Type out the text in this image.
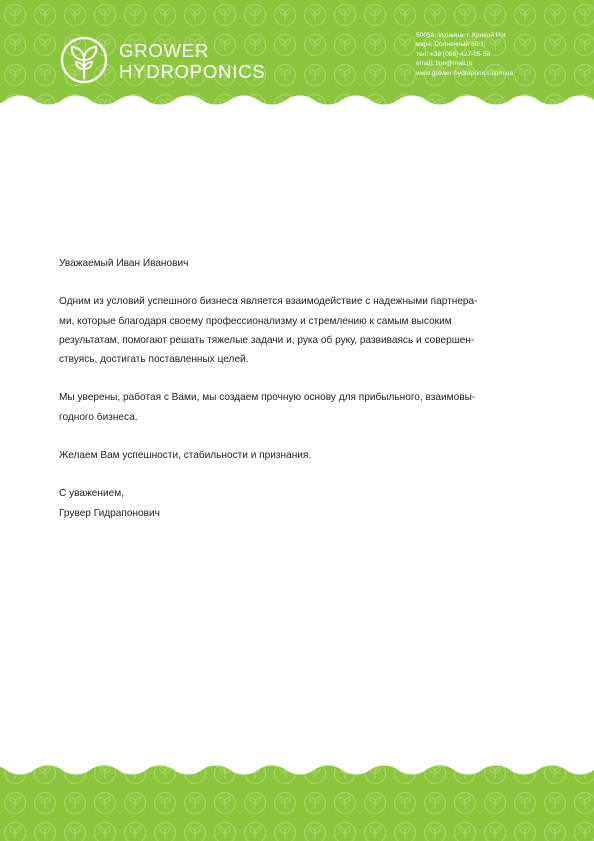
GROWER
HYDROPONICS
50056, Украина, г. Кривой Рог
мкрн. Солнечный 60/1
тел: +38 (098) 427-05-58
email: flue@mail.ru
www.grower-hydroponics.com.ua

Уважаемый Иван Иванович

Одним из условий успешного бизнеса является взаимодействие с надежными партнера-
ми, которые благодаря своему профессионализму и стремлению к самым высоким
результатам, помогают решать тяжелые задачи и, рука об руку, развиваясь и совершен-
ствуясь, достигать поставленных целей.

Мы уверены, работая с Вами, мы создаем прочную основу для прибыльного, взаимовы-
годного бизнеса.

Желаем Вам успешности, стабильности и признания.

С уважением,

Грувер Гидрапонович
